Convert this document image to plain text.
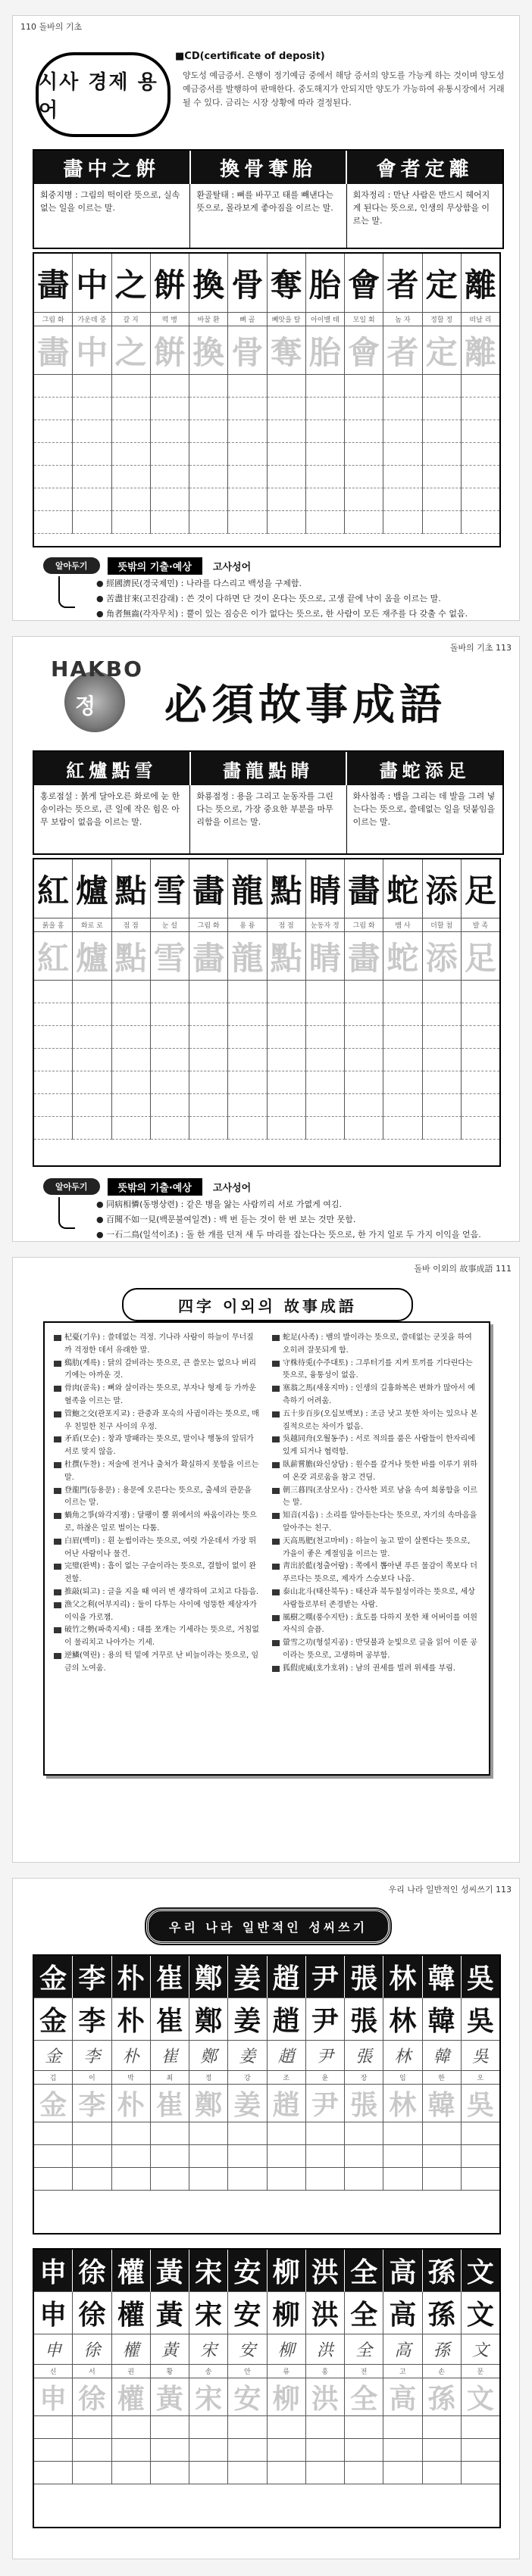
110 돌바의 기초
시사 경제 용어
■CD(certificate of deposit)
양도성 예금증서. 은행이 정기예금 중에서 해당 증서의 양도를 가능케 하는 것이며 양도성 예금증서를 발행하여 판매한다. 중도해지가 안되지만 양도가 가능하여 유통시장에서 거래될 수 있다. 금리는 시장 상황에 따라 결정된다.
畵中之餠	換骨奪胎	會者定離
회중지병 : 그림의 떡이란 뜻으로, 실속 없는 일을 이르는 말.
환골탈태 : 뼈를 바꾸고 태를 빼낸다는 뜻으로, 몰라보게 좋아짐을 이르는 말.
회자정리 : 만난 사람은 반드시 헤어지게 된다는 뜻으로, 인생의 무상함을 이르는 말.
畵 中 之 餠 換 骨 奪 胎 會 者 定 離
그림 화	가운데 중	갈 지	떡 병	바꿀 환	뼈 골	빼앗을 탈	아이밸 태	모일 회	놈 자	정할 정	떠날 리
畵 中 之 餠 換 骨 奪 胎 會 者 定 離
알아두기	뜻밖의 기출·예상	고사성어
● 經國濟民(경국제민) : 나라를 다스리고 백성을 구제함.
● 苦盡甘來(고진감래) : 쓴 것이 다하면 단 것이 온다는 뜻으로, 고생 끝에 낙이 옴을 이르는 말.
● 角者無齒(각자무치) : 뿔이 있는 짐승은 이가 없다는 뜻으로, 한 사람이 모든 재주를 다 갖출 수 없음.
돌바의 기초 113
HAKBO
정 必須故事成語
紅爐點雪	畵龍點睛	畵蛇添足
홍로점설 : 붉게 달아오른 화로에 눈 한 송이라는 뜻으로, 큰 일에 작은 힘은 아무 보람이 없음을 이르는 말.
화룡점정 : 용을 그리고 눈동자를 그린다는 뜻으로, 가장 중요한 부분을 마무리함을 이르는 말.
화사첨족 : 뱀을 그리는 데 발을 그려 넣는다는 뜻으로, 쓸데없는 일을 덧붙임을 이르는 말.
紅 爐 點 雪 畵 龍 點 睛 畵 蛇 添 足
붉을 홍	화로 로	점 점	눈 설	그림 화	용 룡	점 점	눈동자 정	그림 화	뱀 사	더할 첨	발 족
紅 爐 點 雪 畵 龍 點 睛 畵 蛇 添 足
알아두기	뜻밖의 기출·예상	고사성어
● 同病相憐(동병상련) : 같은 병을 앓는 사람끼리 서로 가엾게 여김.
● 百聞不如一見(백문불여일견) : 백 번 듣는 것이 한 번 보는 것만 못함.
● 一石二鳥(일석이조) : 돌 한 개를 던져 새 두 마리를 잡는다는 뜻으로, 한 가지 일로 두 가지 이익을 얻음.
돌바 이외의 故事成語 111
四字 이외의 故事成語
杞憂(기우) : 쓸데없는 걱정. 기나라 사람이 하늘이 무너질까 걱정한 데서 유래한 말.
鷄肋(계륵) : 닭의 갈비라는 뜻으로, 큰 쓸모는 없으나 버리기에는 아까운 것.
骨肉(골육) : 뼈와 살이라는 뜻으로, 부자나 형제 등 가까운 혈족을 이르는 말.
管鮑之交(관포지교) : 관중과 포숙의 사귐이라는 뜻으로, 매우 친밀한 친구 사이의 우정.
矛盾(모순) : 창과 방패라는 뜻으로, 말이나 행동의 앞뒤가 서로 맞지 않음.
杜撰(두찬) : 저술에 전거나 출처가 확실하지 못함을 이르는 말.
登龍門(등용문) : 용문에 오른다는 뜻으로, 출세의 관문을 이르는 말.
蝸角之爭(와각지쟁) : 달팽이 뿔 위에서의 싸움이라는 뜻으로, 하찮은 일로 벌이는 다툼.
白眉(백미) : 흰 눈썹이라는 뜻으로, 여럿 가운데서 가장 뛰어난 사람이나 물건.
完璧(완벽) : 흠이 없는 구슬이라는 뜻으로, 결함이 없이 완전함.
推敲(퇴고) : 글을 지을 때 여러 번 생각하여 고치고 다듬음.
漁父之利(어부지리) : 둘이 다투는 사이에 엉뚱한 제삼자가 이익을 가로챔.
破竹之勢(파죽지세) : 대를 쪼개는 기세라는 뜻으로, 거침없이 물리치고 나아가는 기세.
逆鱗(역린) : 용의 턱 밑에 거꾸로 난 비늘이라는 뜻으로, 임금의 노여움.
蛇足(사족) : 뱀의 발이라는 뜻으로, 쓸데없는 군짓을 하여 오히려 잘못되게 함.
守株待兎(수주대토) : 그루터기를 지켜 토끼를 기다린다는 뜻으로, 융통성이 없음.
塞翁之馬(새옹지마) : 인생의 길흉화복은 변화가 많아서 예측하기 어려움.
五十步百步(오십보백보) : 조금 낫고 못한 차이는 있으나 본질적으로는 차이가 없음.
吳越同舟(오월동주) : 서로 적의를 품은 사람들이 한자리에 있게 되거나 협력함.
臥薪嘗膽(와신상담) : 원수를 갚거나 뜻한 바를 이루기 위하여 온갖 괴로움을 참고 견딤.
朝三暮四(조삼모사) : 간사한 꾀로 남을 속여 희롱함을 이르는 말.
知音(지음) : 소리를 알아듣는다는 뜻으로, 자기의 속마음을 알아주는 친구.
天高馬肥(천고마비) : 하늘이 높고 말이 살찐다는 뜻으로, 가을이 좋은 계절임을 이르는 말.
靑出於藍(청출어람) : 쪽에서 뽑아낸 푸른 물감이 쪽보다 더 푸르다는 뜻으로, 제자가 스승보다 나음.
泰山北斗(태산북두) : 태산과 북두칠성이라는 뜻으로, 세상 사람들로부터 존경받는 사람.
風樹之嘆(풍수지탄) : 효도를 다하지 못한 채 어버이를 여읜 자식의 슬픔.
螢雪之功(형설지공) : 반딧불과 눈빛으로 글을 읽어 이룬 공이라는 뜻으로, 고생하며 공부함.
狐假虎威(호가호위) : 남의 권세를 빌려 위세를 부림.
우리 나라 일반적인 성씨쓰기 113
우리 나라 일반적인 성씨쓰기
金 李 朴 崔 鄭 姜 趙 尹 張 林 韓 吳
金 李 朴 崔 鄭 姜 趙 尹 張 林 韓 吳
金	李	朴	崔	鄭	姜	趙	尹	張	林	韓	吳
김	이	박	최	정	강	조	윤	장	임	한	오
金 李 朴 崔 鄭 姜 趙 尹 張 林 韓 吳
申 徐 權 黃 宋 安 柳 洪 全 高 孫 文
申 徐 權 黃 宋 安 柳 洪 全 高 孫 文
申	徐	權	黃	宋	安	柳	洪	全	高	孫	文
신	서	권	황	송	안	류	홍	전	고	손	문
申 徐 權 黃 宋 安 柳 洪 全 高 孫 文
